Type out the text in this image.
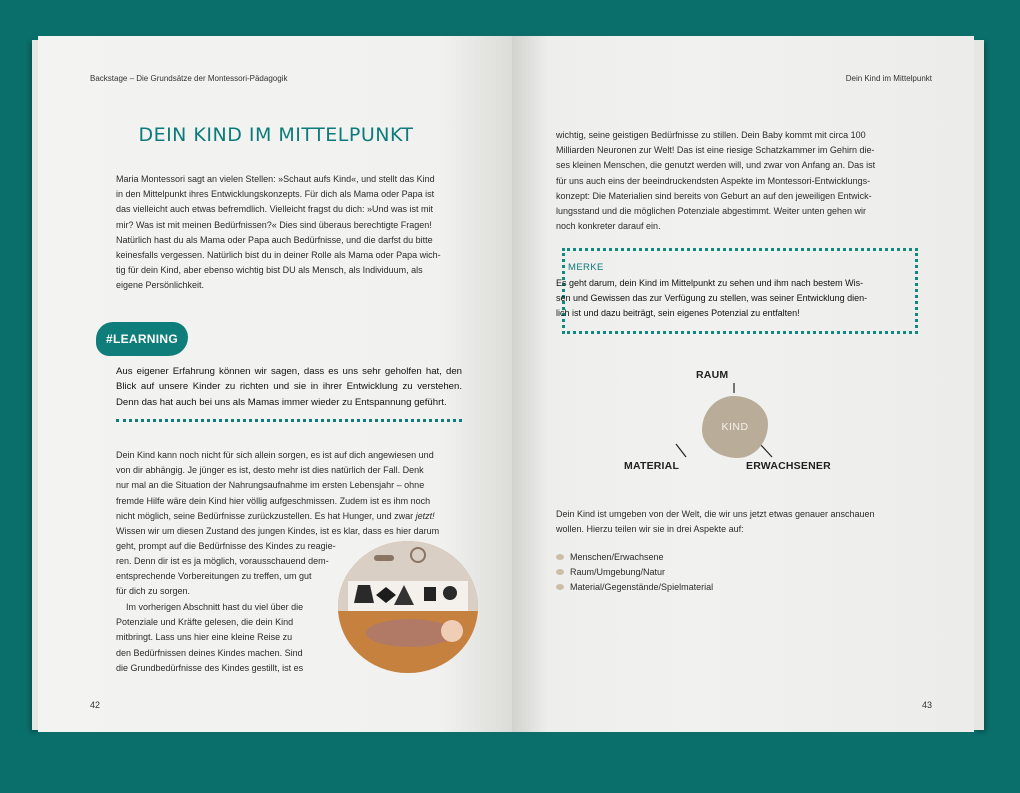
Backstage – Die Grundsätze der Montessori-Pädagogik
DEIN KIND IM MITTELPUNKT
Maria Montessori sagt an vielen Stellen: »Schaut aufs Kind«, und stellt das Kind
in den Mittelpunkt ihres Entwicklungskonzepts. Für dich als Mama oder Papa ist
das vielleicht auch etwas befremdlich. Vielleicht fragst du dich: »Und was ist mit
mir? Was ist mit meinen Bedürfnissen?« Dies sind überaus berechtigte Fragen!
Natürlich hast du als Mama oder Papa auch Bedürfnisse, und die darfst du bitte
keinesfalls vergessen. Natürlich bist du in deiner Rolle als Mama oder Papa wich-
tig für dein Kind, aber ebenso wichtig bist DU als Mensch, als Individuum, als
eigene Persönlichkeit.
#LEARNING

Aus eigener Erfahrung können wir sagen, dass es uns sehr geholfen hat, den Blick auf unsere Kinder zu richten und sie in ihrer Entwicklung zu verstehen. Denn das hat auch bei uns als Mamas immer wieder zu Entspannung geführt.

Dein Kind kann noch nicht für sich allein sorgen, es ist auf dich angewiesen und
von dir abhängig. Je jünger es ist, desto mehr ist dies natürlich der Fall. Denk
nur mal an die Situation der Nahrungsaufnahme im ersten Lebensjahr – ohne
fremde Hilfe wäre dein Kind hier völlig aufgeschmissen. Zudem ist es ihm noch
nicht möglich, seine Bedürfnisse zurückzustellen. Es hat Hunger, und zwar jetzt!
Wissen wir um diesen Zustand des jungen Kindes, ist es klar, dass es hier darum
geht, prompt auf die Bedürfnisse des Kindes zu reagie-
ren. Denn dir ist es ja möglich, vorausschauend dem-
entsprechende Vorbereitungen zu treffen, um gut
für dich zu sorgen.
Im vorherigen Abschnitt hast du viel über die
Potenziale und Kräfte gelesen, die dein Kind
mitbringt. Lass uns hier eine kleine Reise zu
den Bedürfnissen deines Kindes machen. Sind
die Grundbedürfnisse des Kindes gestillt, ist es
42
Dein Kind im Mittelpunkt
wichtig, seine geistigen Bedürfnisse zu stillen. Dein Baby kommt mit circa 100
Milliarden Neuronen zur Welt! Das ist eine riesige Schatzkammer im Gehirn die-
ses kleinen Menschen, die genutzt werden will, und zwar von Anfang an. Das ist
für uns auch eins der beeindruckendsten Aspekte im Montessori-Entwicklungs-
konzept: Die Materialien sind bereits von Geburt an auf den jeweiligen Entwick-
lungsstand und die möglichen Potenziale abgestimmt. Weiter unten gehen wir
noch konkreter darauf ein.
MERKE
Es geht darum, dein Kind im Mittelpunkt zu sehen und ihm nach bestem Wis-
sen und Gewissen das zur Verfügung zu stellen, was seiner Entwicklung dien-
lich ist und dazu beiträgt, sein eigenes Potenzial zu entfalten!
RAUM
KIND
MATERIAL	ERWACHSENER
Dein Kind ist umgeben von der Welt, die wir uns jetzt etwas genauer anschauen
wollen. Hierzu teilen wir sie in drei Aspekte auf:
Menschen/Erwachsene
Raum/Umgebung/Natur
Material/Gegenstände/Spielmaterial
43
